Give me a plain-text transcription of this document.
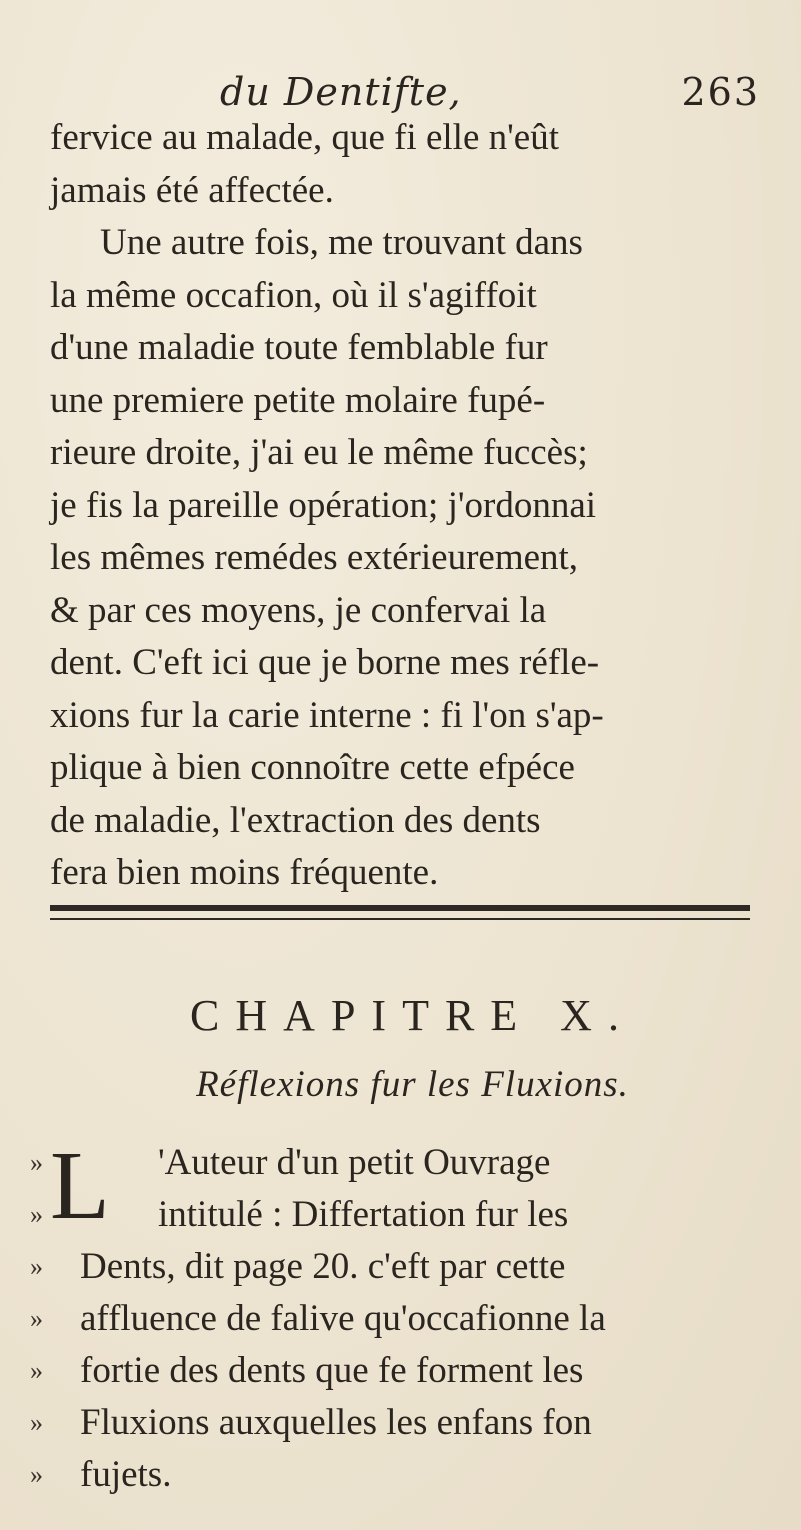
du Dentifte,	263

fervice au malade, que fi elle n'eût

jamais été affectée.

Une autre fois, me trouvant dans

la même occafion, où il s'agiffoit

d'une maladie toute femblable fur

une premiere petite molaire fupé-

rieure droite, j'ai eu le même fuccès;

je fis la pareille opération; j'ordonnai

les mêmes remédes extérieurement,

& par ces moyens, je confervai la

dent. C'eft ici que je borne mes réfle-

xions fur la carie interne : fi l'on s'ap-

plique à bien connoître cette efpéce

de maladie, l'extraction des dents

fera bien moins fréquente.

CHAPITRE X.
Réflexions fur les Fluxions.
L
»	'Auteur d'un petit Ouvrage
»	intitulé : Differtation fur les
»	Dents, dit page 20. c'eft par cette
»	affluence de falive qu'occafionne la
»	fortie des dents que fe forment les
»	Fluxions auxquelles les enfans fon
»	fujets.
